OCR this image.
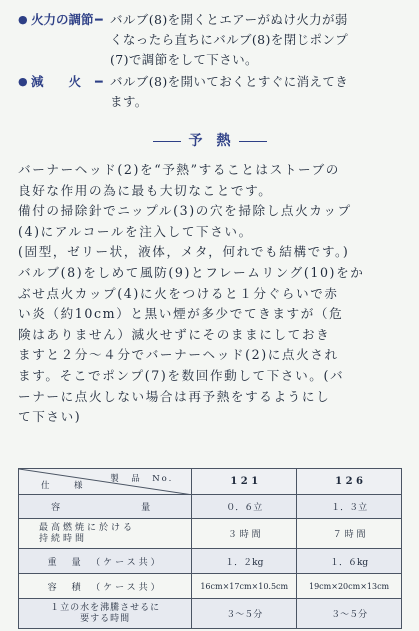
● 火力の調節 ━ バルブ(8)を開くとエアーがぬけ火力が弱
くなったら直ちにバルブ(8)を閉じポンプ
(7)で調節をして下さい。
● 減　　火 ━ バルブ(8)を開いておくとすぐに消えてき
ます。
予　熱
バーナーヘッド(2)を“予熱”することはストーブの
良好な作用の為に最も大切なことです。
備付の掃除針でニップル(3)の穴を掃除し点火カップ
(4)にアルコールを注入して下さい。
(固型，ゼリー状，液体，メタ，何れでも結構です。)
バルブ(8)をしめて風防(9)とフレームリング(10)をか
ぶせ点火カップ(4)に火をつけると１分ぐらいで赤
い炎（約10cm）と黒い煙が多少でてきますが（危
険はありません）滅火せずにそのままにしておき
ますと２分～４分でバーナーヘッド(2)に点火され
ます。そこでポンプ(7)を数回作動して下さい。(バ
ーナーに点火しない場合は再予熱をするようにし
て下さい)
製　品　No.
仕　様	1 2 1	1 2 6
容　　　　量	０．６立	１．３立
最高燃焼に於ける
持続時間	３ 時 間	７ 時 間
重　量　（ケース共）	１．２kg	１．６kg
容　積　（ケース共）	16cm×17cm×10.5cm	19cm×20cm×13cm
１立の水を沸騰させるに
要する時間	３～５分	３～５分
